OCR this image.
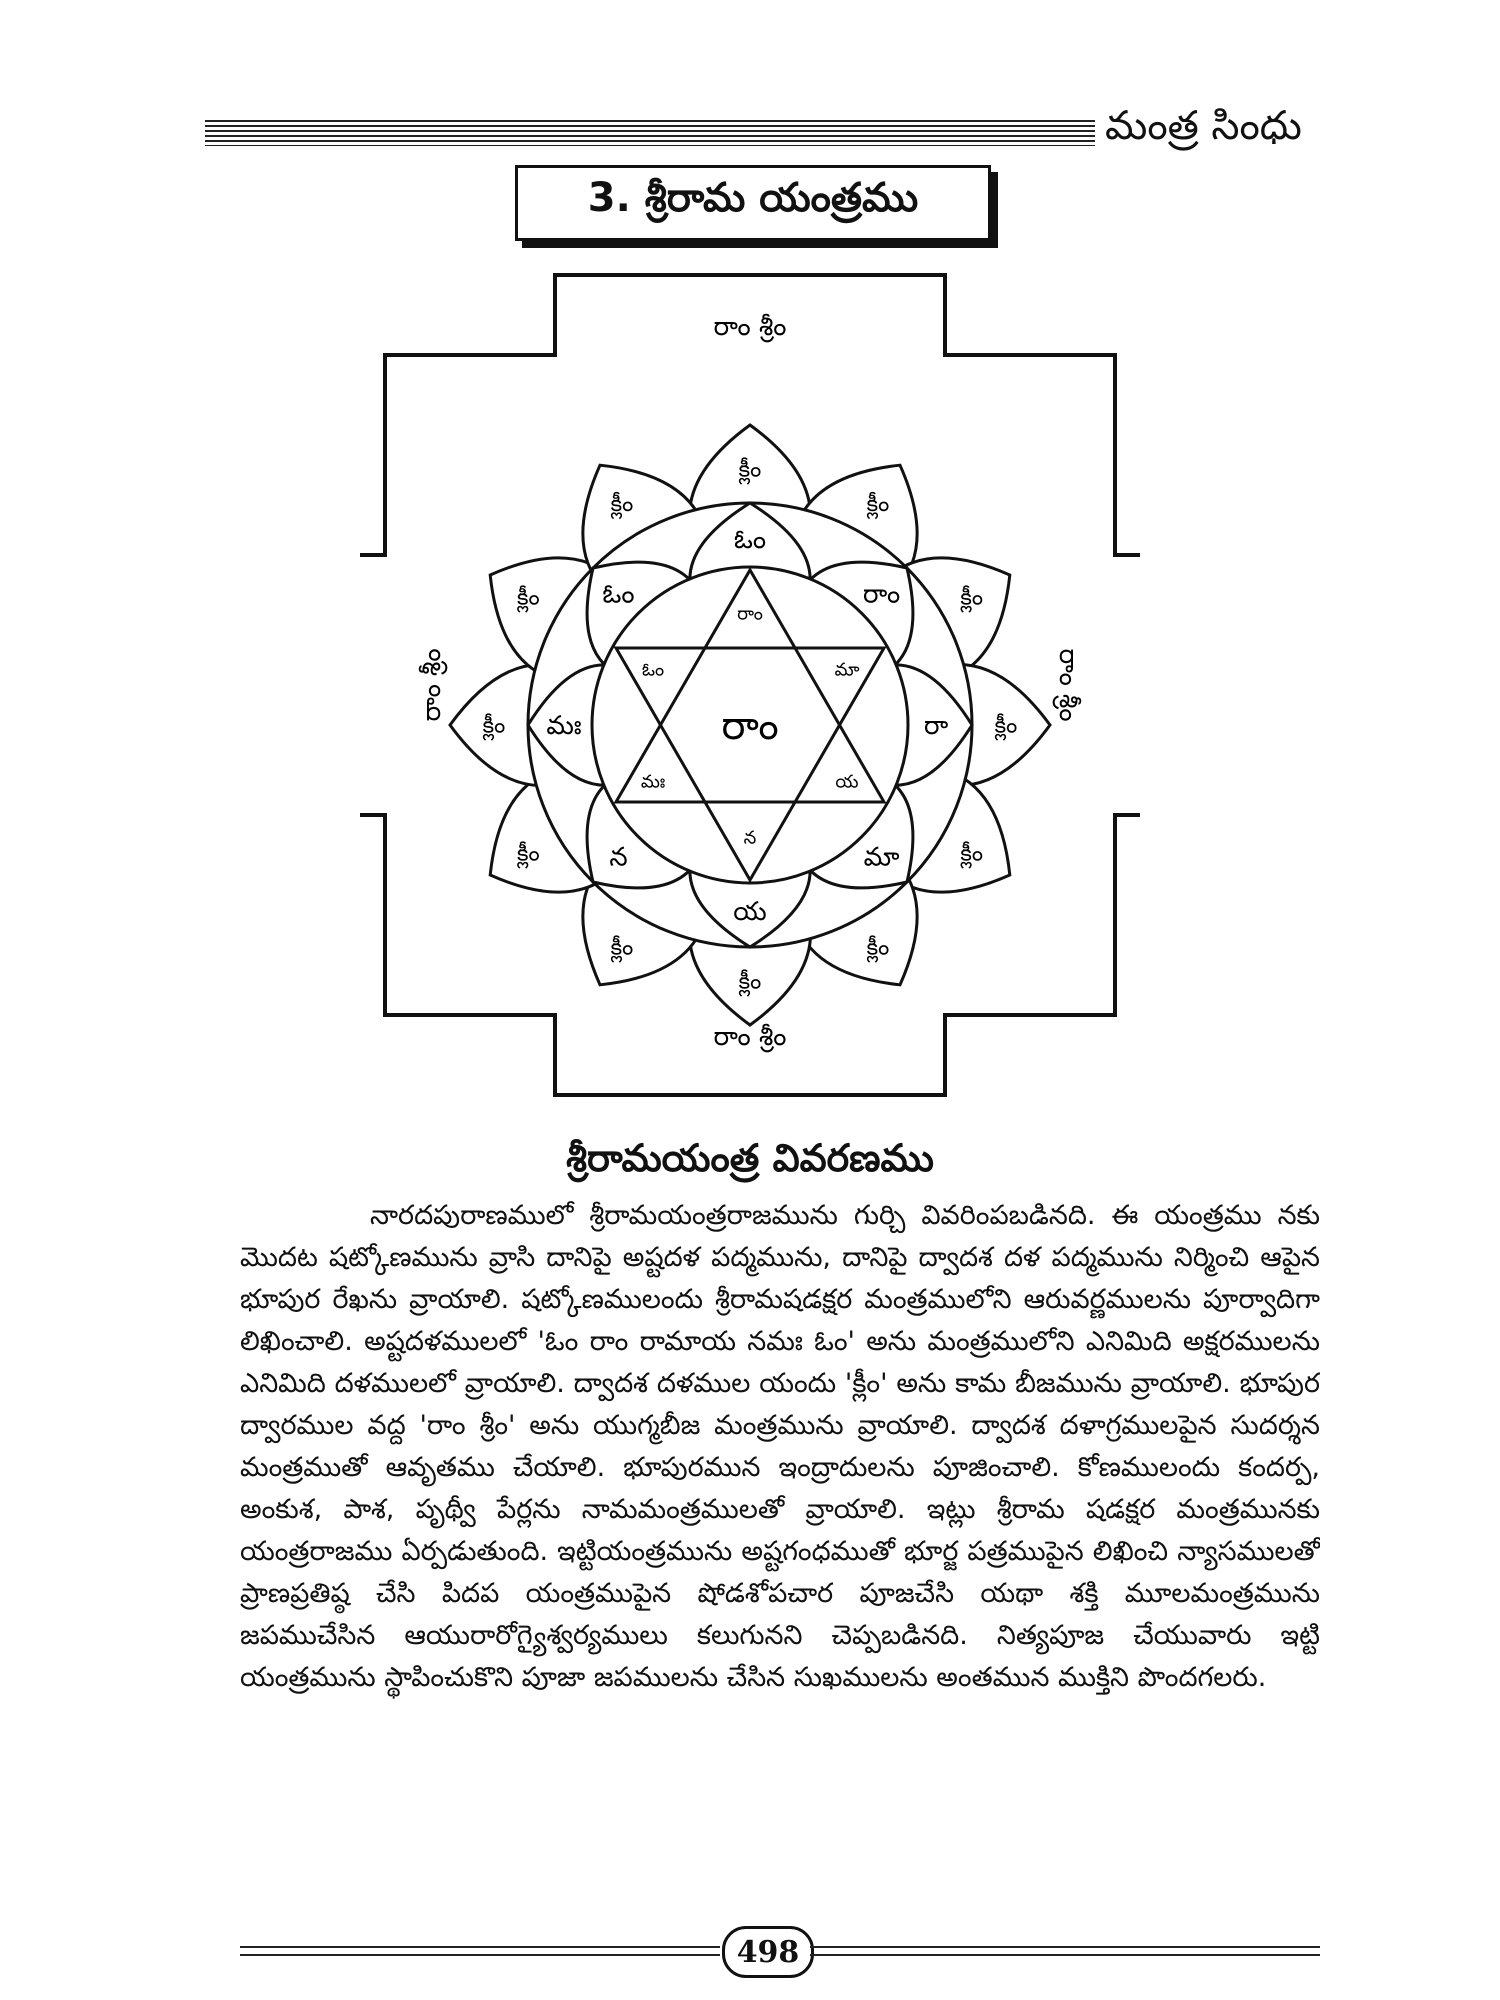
మంత్ర సింధు
3. శ్రీరామ యంత్రము
రాం
రాం
మా
య
న
మః
ఓం
ఓం
రాం
రా
మా
య
న
మః
ఓం
క్లీం
క్లీం
క్లీం
క్లీం
క్లీం
క్లీం
క్లీం
క్లీం
క్లీం
క్లీం
క్లీం
క్లీం
రాం శ్రీం
రాం శ్రీం
రాం శ్రీం
రాం శ్రీం
శ్రీరామయంత్ర వివరణము

నారదపురాణములో శ్రీరామయంత్రరాజమును గుర్చి వివరింపబడినది. ఈ యంత్రము నకు మొదట షట్కోణమును వ్రాసి దానిపై అష్టదళ పద్మమును, దానిపై ద్వాదశ దళ పద్మమును నిర్మించి ఆపైన భూపుర రేఖను వ్రాయాలి. షట్కోణములందు శ్రీరామషడక్షర మంత్రములోని ఆరువర్ణములను పూర్వాదిగా లిఖించాలి. అష్టదళములలో 'ఓం రాం రామాయ నమః ఓం' అను మంత్రములోని ఎనిమిది అక్షరములను ఎనిమిది దళములలో వ్రాయాలి. ద్వాదశ దళముల యందు 'క్లీం' అను కామ బీజమును వ్రాయాలి. భూపుర ద్వారముల వద్ద 'రాం శ్రీం' అను యుగ్మబీజ మంత్రమును వ్రాయాలి. ద్వాదశ దళాగ్రములపైన సుదర్శన మంత్రముతో ఆవృతము చేయాలి. భూపురమున ఇంద్రాదులను పూజించాలి. కోణములందు కందర్ప, అంకుశ, పాశ, పృథ్వీ పేర్లను నామమంత్రములతో వ్రాయాలి. ఇట్లు శ్రీరామ షడక్షర మంత్రమునకు యంత్రరాజము ఏర్పడుతుంది. ఇట్టియంత్రమును అష్టగంధముతో భూర్జ పత్రముపైన లిఖించి న్యాసములతో ప్రాణప్రతిష్ఠ చేసి పిదప యంత్రముపైన షోడశోపచార పూజచేసి యథా శక్తి మూలమంత్రమును జపముచేసిన ఆయురారోగ్యైశ్వర్యములు కలుగునని చెప్పబడినది. నిత్యపూజ చేయువారు ఇట్టి యంత్రమును స్థాపించుకొని పూజా జపములను చేసిన సుఖములను అంతమున ముక్తిని పొందగలరు.

498
